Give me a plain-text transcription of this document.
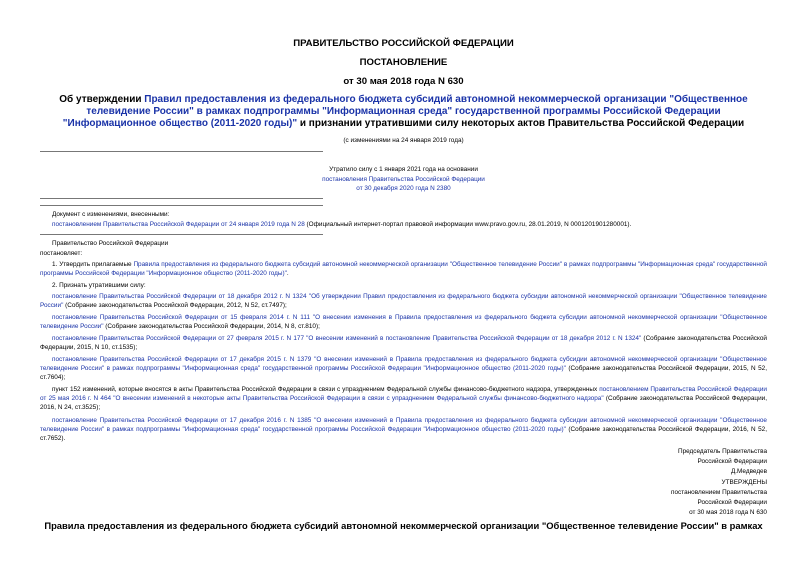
ПРАВИТЕЛЬСТВО РОССИЙСКОЙ ФЕДЕРАЦИИ
ПОСТАНОВЛЕНИЕ
от 30 мая 2018 года N 630
Об утверждении Правил предоставления из федерального бюджета субсидий автономной некоммерческой организации "Общественное телевидение России" в рамках подпрограммы "Информационная среда" государственной программы Российской Федерации "Информационное общество (2011-2020 годы)" и признании утратившими силу некоторых актов Правительства Российской Федерации
(с изменениями на 24 января 2019 года)
Утратило силу с 1 января 2021 года на основании
постановления Правительства Российской Федерации
от 30 декабря 2020 года N 2380
Документ с изменениями, внесенными:
постановлением Правительства Российской Федерации от 24 января 2019 года N 28 (Официальный интернет-портал правовой информации www.pravo.gov.ru, 28.01.2019, N 0001201901280001).
Правительство Российской Федерации
постановляет:
1. Утвердить прилагаемые Правила предоставления из федерального бюджета субсидий автономной некоммерческой организации "Общественное телевидение России" в рамках подпрограммы "Информационная среда" государственной программы Российской Федерации "Информационное общество (2011-2020 годы)".
2. Признать утратившими силу:
постановление Правительства Российской Федерации от 18 декабря 2012 г. N 1324 "Об утверждении Правил предоставления из федерального бюджета субсидии автономной некоммерческой организации "Общественное телевидение России" (Собрание законодательства Российской Федерации, 2012, N 52, ст.7497);
постановление Правительства Российской Федерации от 15 февраля 2014 г. N 111 "О внесении изменения в Правила предоставления из федерального бюджета субсидии автономной некоммерческой организации "Общественное телевидение России" (Собрание законодательства Российской Федерации, 2014, N 8, ст.810);
постановление Правительства Российской Федерации от 27 февраля 2015 г. N 177 "О внесении изменений в постановление Правительства Российской Федерации от 18 декабря 2012 г. N 1324" (Собрание законодательства Российской Федерации, 2015, N 10, ст.1535);
постановление Правительства Российской Федерации от 17 декабря 2015 г. N 1379 "О внесении изменений в Правила предоставления из федерального бюджета субсидии автономной некоммерческой организации "Общественное телевидение России" в рамках подпрограммы "Информационная среда" государственной программы Российской Федерации "Информационное общество (2011-2020 годы)" (Собрание законодательства Российской Федерации, 2015, N 52, ст.7604);
пункт 152 изменений, которые вносятся в акты Правительства Российской Федерации в связи с упразднением Федеральной службы финансово-бюджетного надзора, утвержденных постановлением Правительства Российской Федерации от 25 мая 2016 г. N 464 "О внесении изменений в некоторые акты Правительства Российской Федерации в связи с упразднением Федеральной службы финансово-бюджетного надзора" (Собрание законодательства Российской Федерации, 2016, N 24, ст.3525);
постановление Правительства Российской Федерации от 17 декабря 2016 г. N 1385 "О внесении изменений в Правила предоставления из федерального бюджета субсидии автономной некоммерческой организации "Общественное телевидение России" в рамках подпрограммы "Информационная среда" государственной программы Российской Федерации "Информационное общество (2011-2020 годы)" (Собрание законодательства Российской Федерации, 2016, N 52, ст.7652).
Председатель Правительства
Российской Федерации
Д.Медведев
УТВЕРЖДЕНЫ
постановлением Правительства
Российской Федерации
от 30 мая 2018 года N 630
Правила предоставления из федерального бюджета субсидий автономной некоммерческой организации "Общественное телевидение России" в рамках
